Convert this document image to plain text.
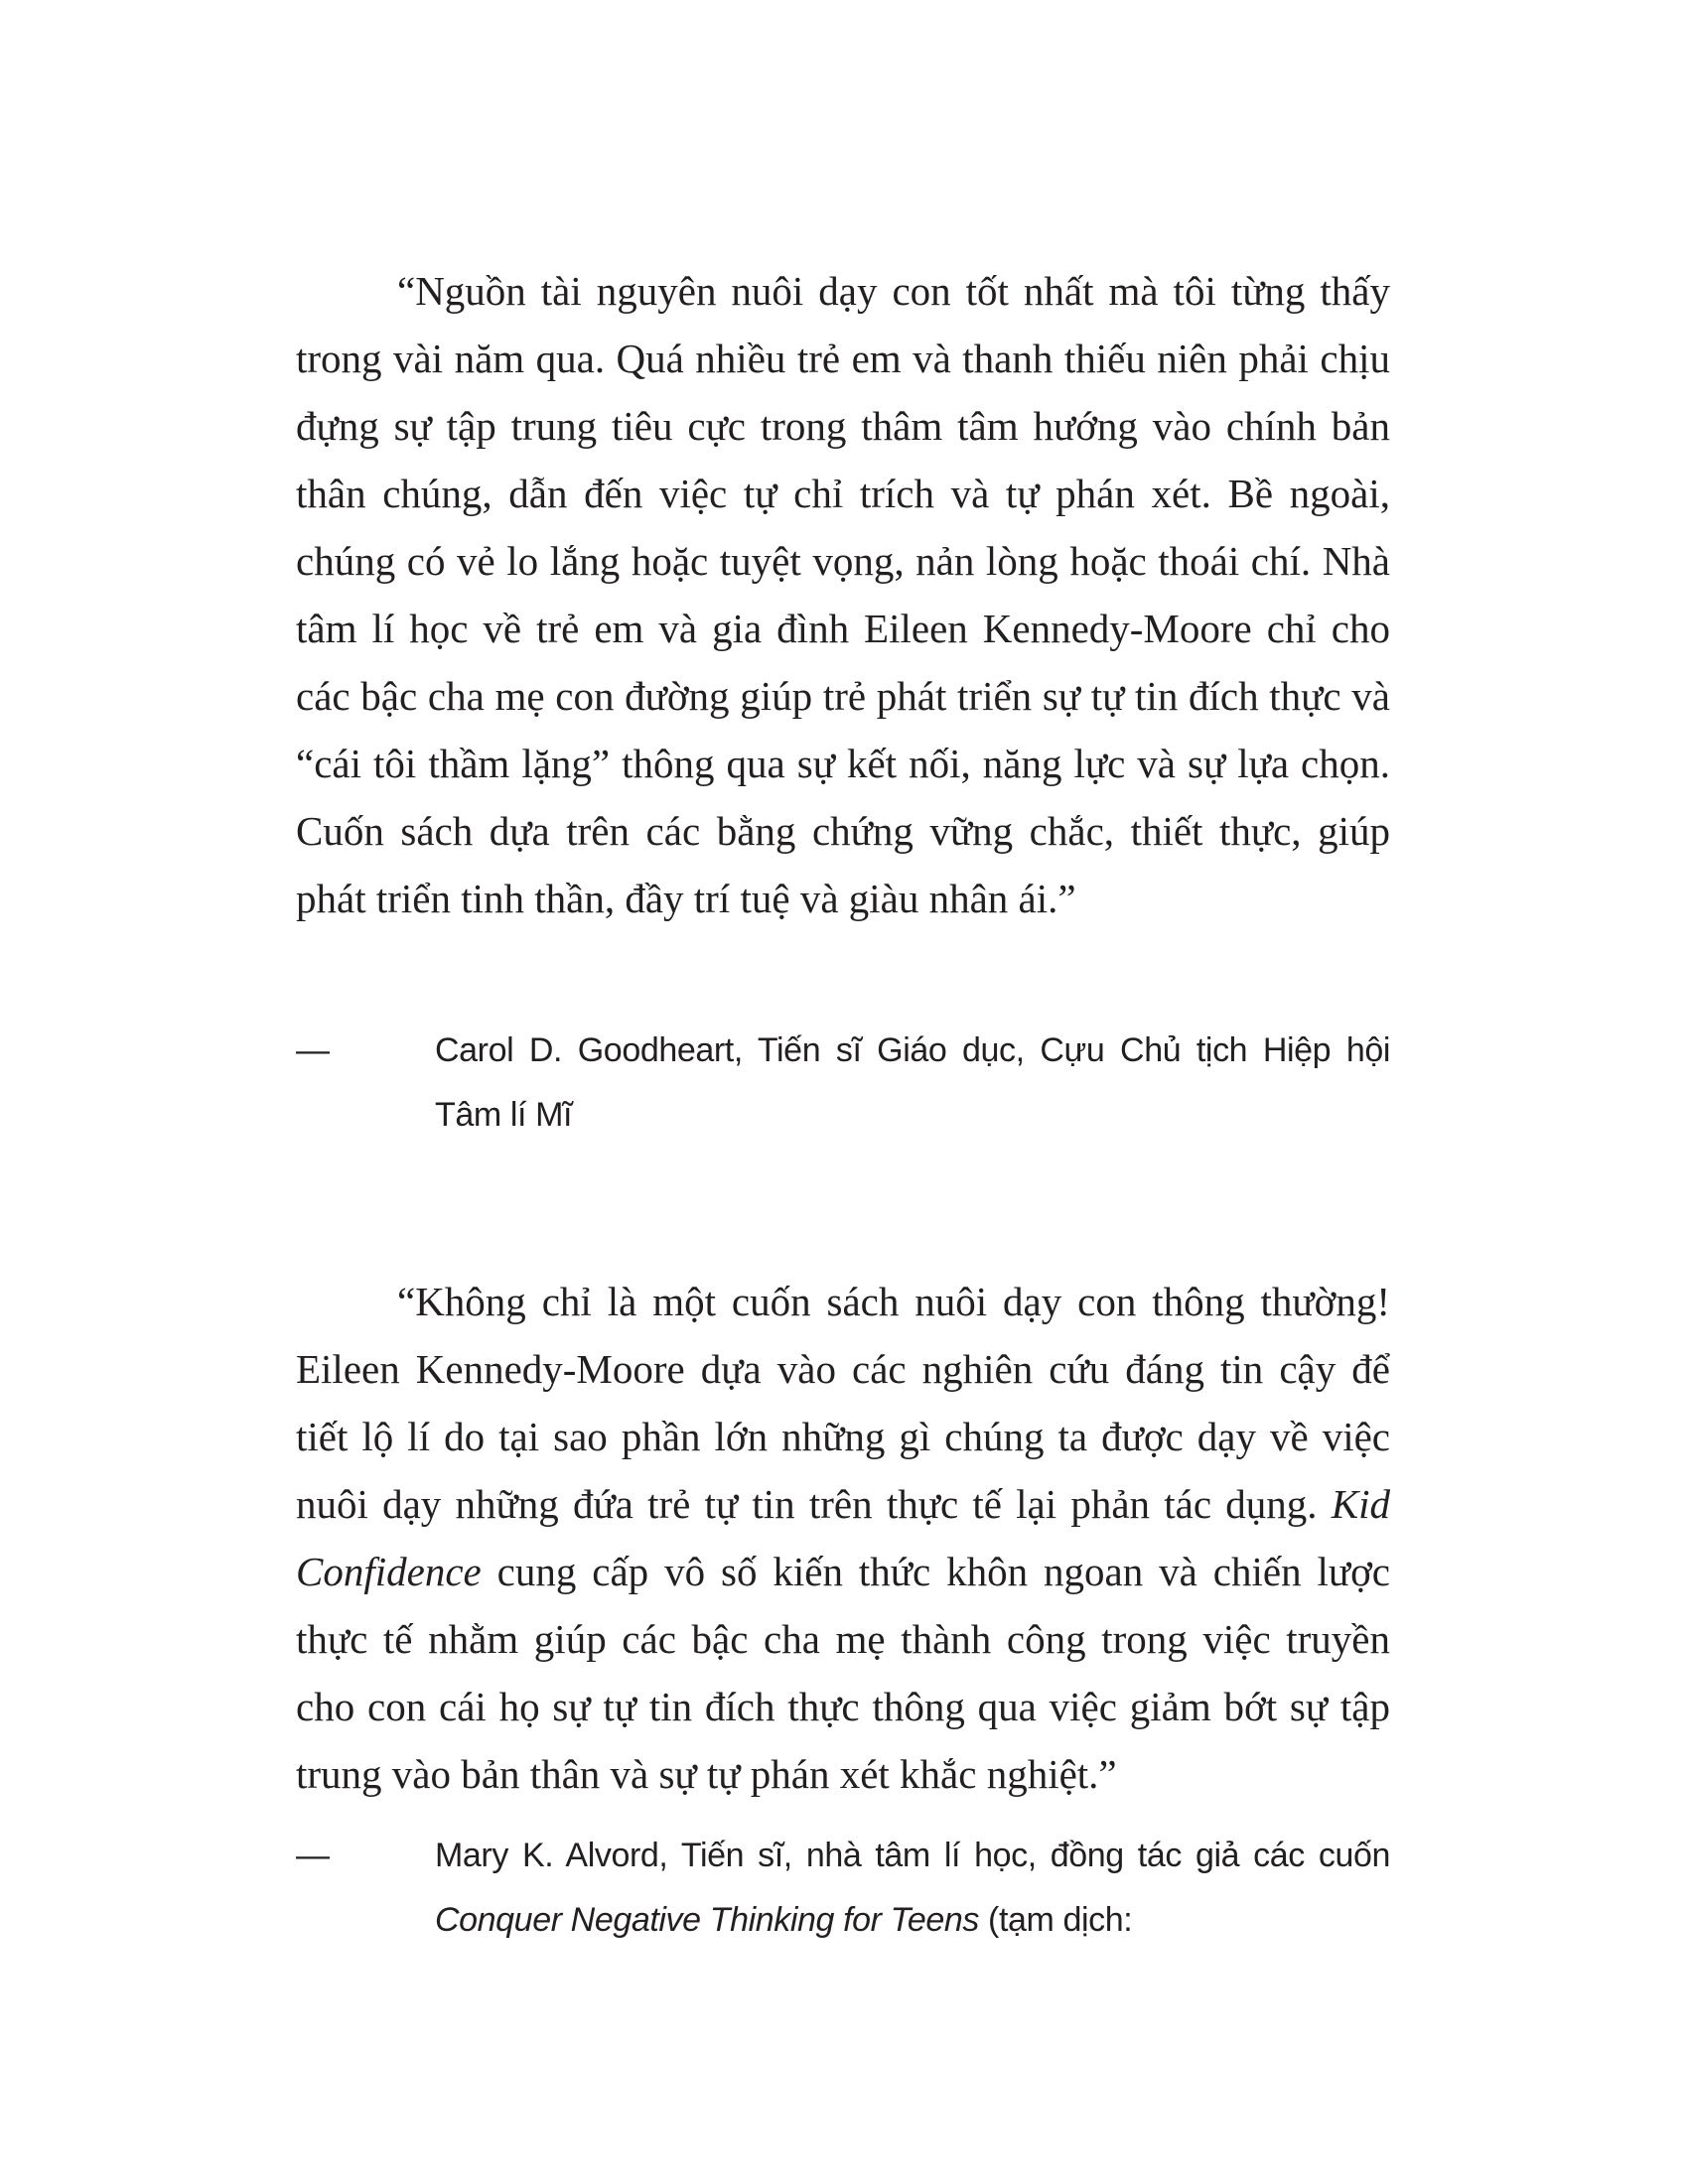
“Nguồn tài nguyên nuôi dạy con tốt nhất mà tôi từng thấy trong vài năm qua. Quá nhiều trẻ em và thanh thiếu niên phải chịu đựng sự tập trung tiêu cực trong thâm tâm hướng vào chính bản thân chúng, dẫn đến việc tự chỉ trích và tự phán xét. Bề ngoài, chúng có vẻ lo lắng hoặc tuyệt vọng, nản lòng hoặc thoái chí. Nhà tâm lí học về trẻ em và gia đình Eileen Kennedy-Moore chỉ cho các bậc cha mẹ con đường giúp trẻ phát triển sự tự tin đích thực và “cái tôi thầm lặng” thông qua sự kết nối, năng lực và sự lựa chọn. Cuốn sách dựa trên các bằng chứng vững chắc, thiết thực, giúp phát triển tinh thần, đầy trí tuệ và giàu nhân ái.”

—	Carol D. Goodheart, Tiến sĩ Giáo dục, Cựu Chủ tịch Hiệp hội Tâm lí Mĩ

“Không chỉ là một cuốn sách nuôi dạy con thông thường! Eileen Kennedy-Moore dựa vào các nghiên cứu đáng tin cậy để tiết lộ lí do tại sao phần lớn những gì chúng ta được dạy về việc nuôi dạy những đứa trẻ tự tin trên thực tế lại phản tác dụng. Kid Confidence cung cấp vô số kiến thức khôn ngoan và chiến lược thực tế nhằm giúp các bậc cha mẹ thành công trong việc truyền cho con cái họ sự tự tin đích thực thông qua việc giảm bớt sự tập trung vào bản thân và sự tự phán xét khắc nghiệt.”

—	Mary K. Alvord, Tiến sĩ, nhà tâm lí học, đồng tác giả các cuốn Conquer Negative Thinking for Teens (tạm dịch:
